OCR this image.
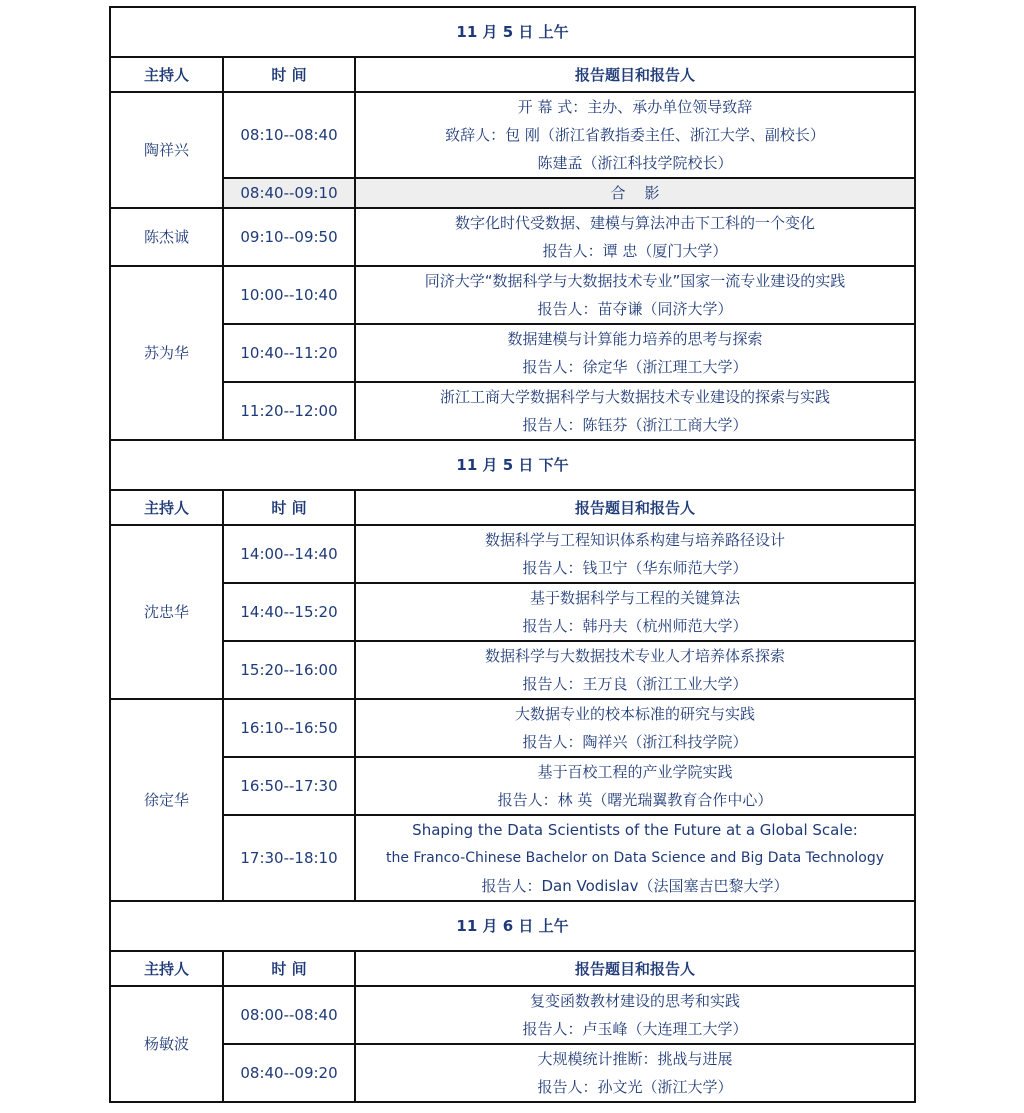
11 月 5 日 上午		
主持人	时 间	报告题目和报告人
陶祥兴	08:10--08:40	开 幕 式：主办、承办单位领导致辞
致辞人：包 刚（浙江省教指委主任、浙江大学、副校长）
陈建孟（浙江科技学院校长）

	08:40--09:10	合    影

陈杰诚	09:10--09:50	数字化时代受数据、建模与算法冲击下工科的一个变化
报告人：谭 忠（厦门大学）

苏为华	10:00--10:40	同济大学“数据科学与大数据技术专业”国家一流专业建设的实践
报告人：苗夺谦（同济大学）

	10:40--11:20	数据建模与计算能力培养的思考与探索
报告人：徐定华（浙江理工大学）

	11:20--12:00	浙江工商大学数据科学与大数据技术专业建设的探索与实践
报告人：陈钰芬（浙江工商大学）

11 月 5 日 下午		
主持人	时 间	报告题目和报告人
沈忠华	14:00--14:40	数据科学与工程知识体系构建与培养路径设计
报告人：钱卫宁（华东师范大学）

	14:40--15:20	基于数据科学与工程的关键算法
报告人：韩丹夫（杭州师范大学）

	15:20--16:00	数据科学与大数据技术专业人才培养体系探索
报告人：王万良（浙江工业大学）

徐定华	16:10--16:50	大数据专业的校本标准的研究与实践
报告人：陶祥兴（浙江科技学院）

	16:50--17:30	基于百校工程的产业学院实践
报告人：林 英（曙光瑞翼教育合作中心）

	17:30--18:10	Shaping the Data Scientists of the Future at a Global Scale:
the Franco-Chinese Bachelor on Data Science and Big Data Technology
报告人：Dan Vodislav（法国塞吉巴黎大学）

11 月 6 日 上午		
主持人	时 间	报告题目和报告人
杨敏波	08:00--08:40	复变函数教材建设的思考和实践
报告人：卢玉峰（大连理工大学）

	08:40--09:20	大规模统计推断：挑战与进展
报告人：孙文光（浙江大学）
